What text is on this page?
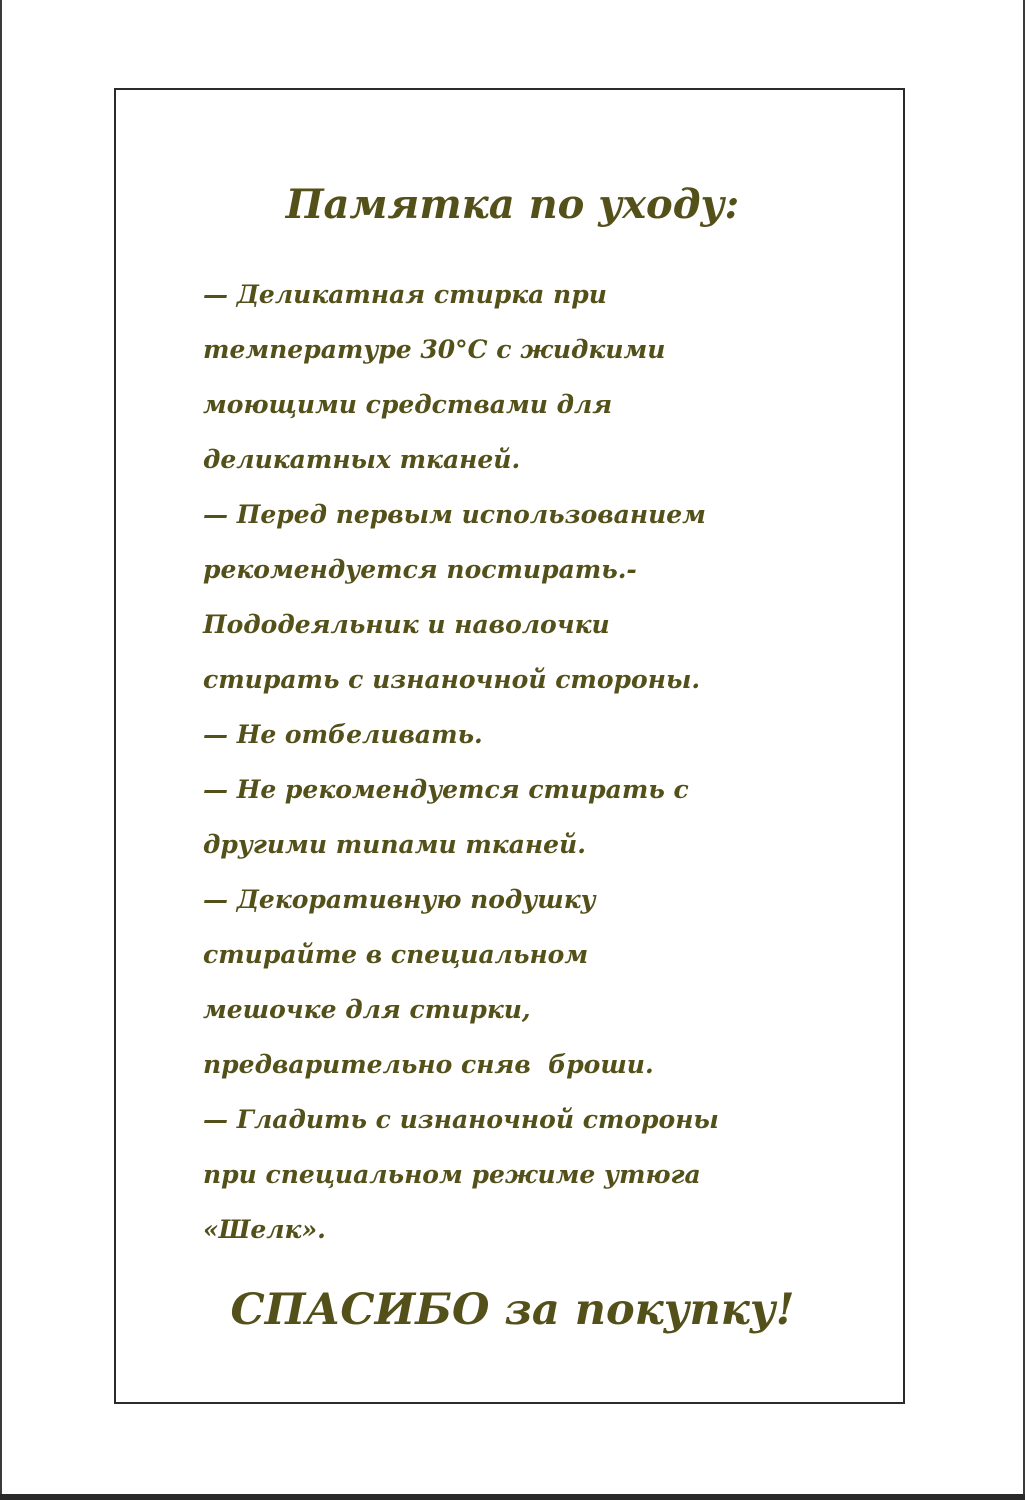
Памятка по уходу:
— Деликатная стирка при
температуре 30°C с жидкими
моющими средствами для
деликатных тканей.
— Перед первым использованием
рекомендуется постирать.-
Пододеяльник и наволочки
стирать с изнаночной стороны.
— Не отбеливать.
— Не рекомендуется стирать с
другими типами тканей.
— Декоративную подушку
стирайте в специальном
мешочке для стирки,
предварительно сняв  броши.
— Гладить с изнаночной стороны
при специальном режиме утюга
«Шелк».

СПАСИБО за покупку!
